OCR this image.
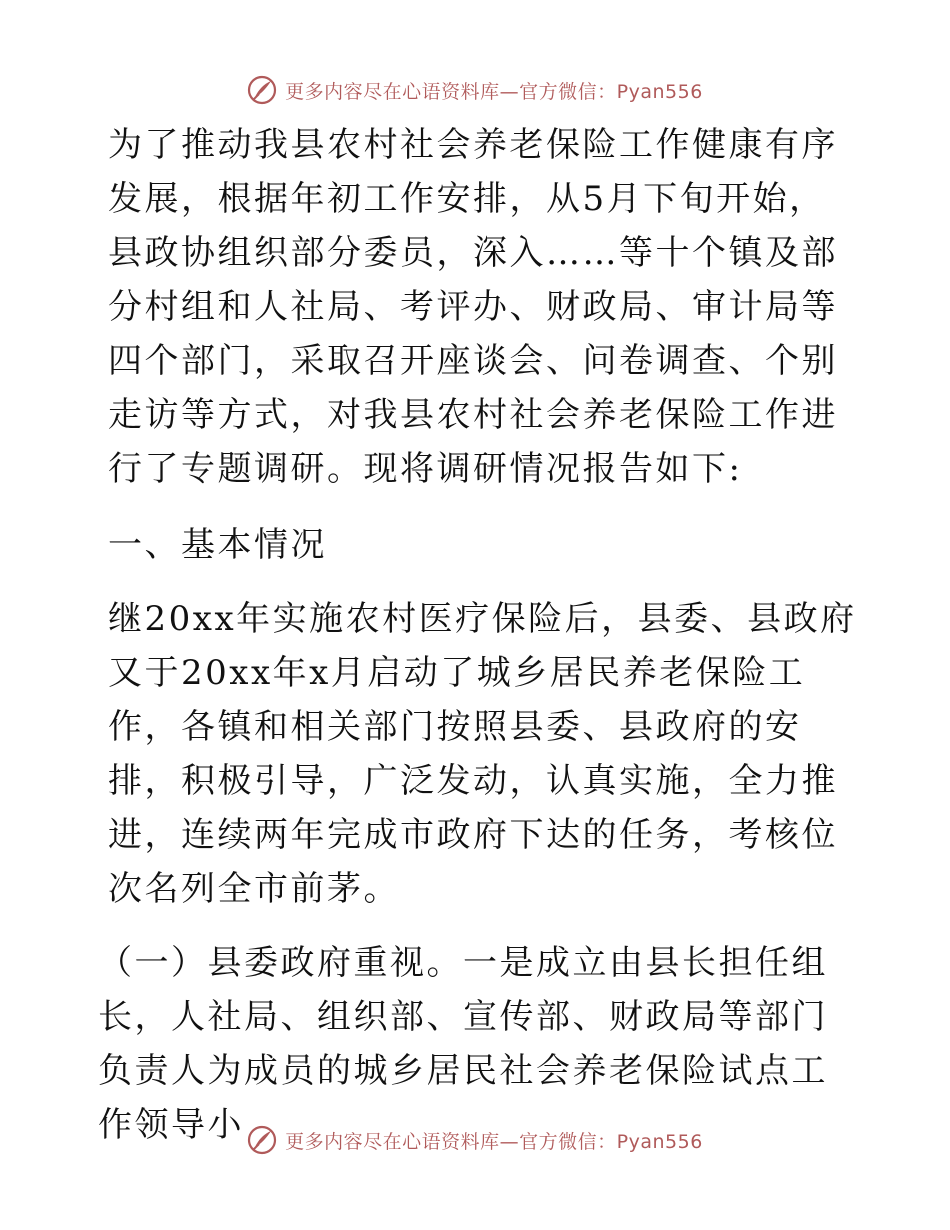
更多内容尽在心语资料库—官方微信：Pyan556

为了推动我县农村社会养老保险工作健康有序发展，根据年初工作安排，从5月下旬开始，县政协组织部分委员，深入……等十个镇及部分村组和人社局、考评办、财政局、审计局等四个部门，采取召开座谈会、问卷调查、个别走访等方式，对我县农村社会养老保险工作进行了专题调研。现将调研情况报告如下:

一、基本情况

继20xx年实施农村医疗保险后，县委、县政府又于20xx年x月启动了城乡居民养老保险工作，各镇和相关部门按照县委、县政府的安排，积极引导，广泛发动，认真实施，全力推进，连续两年完成市政府下达的任务，考核位次名列全市前茅。

（一）县委政府重视。一是成立由县长担任组长，人社局、组织部、宣传部、财政局等部门负责人为成员的城乡居民社会养老保险试点工作领导小	更多内容尽在心语资料库—官方微信：Pyan556
